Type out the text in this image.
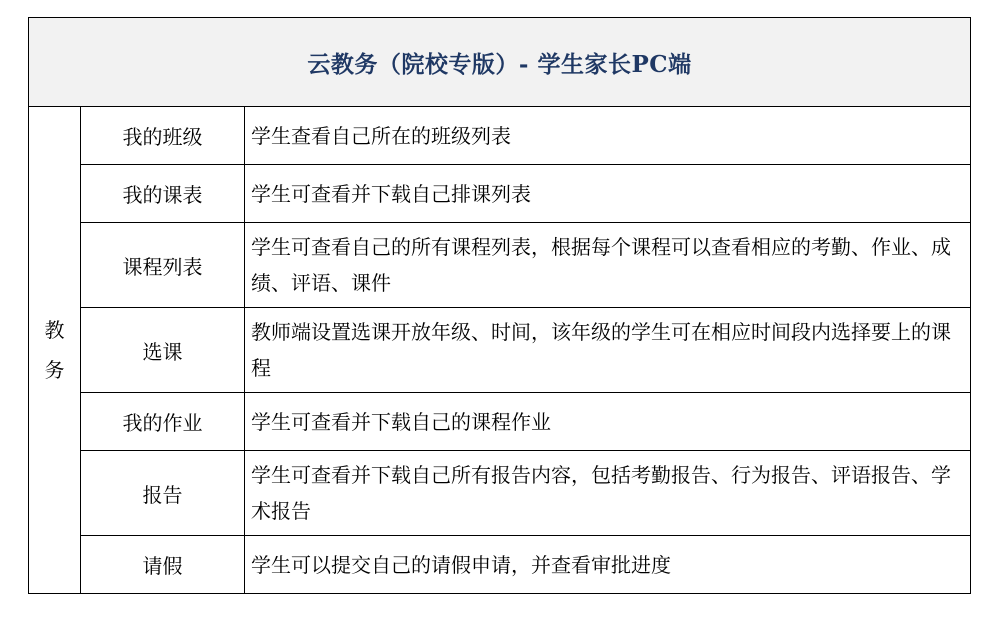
云教务（院校专版）- 学生家长PC端		

教
务	我的班级	学生查看自己所在的班级列表
	我的课表	学生可查看并下载自己排课列表
	课程列表	学生可查看自己的所有课程列表，根据每个课程可以查看相应的考勤、作业、成绩、评语、课件
	选课	教师端设置选课开放年级、时间，该年级的学生可在相应时间段内选择要上的课程
	我的作业	学生可查看并下载自己的课程作业
	报告	学生可查看并下载自己所有报告内容，包括考勤报告、行为报告、评语报告、学术报告
	请假	学生可以提交自己的请假申请，并查看审批进度
